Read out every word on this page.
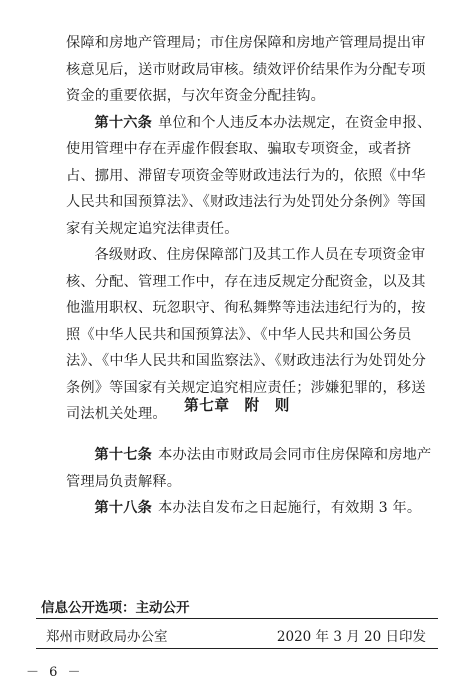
保障和房地产管理局；市住房保障和房地产管理局提出审核意见后，送市财政局审核。绩效评价结果作为分配专项资金的重要依据，与次年资金分配挂钩。

第十六条 单位和个人违反本办法规定，在资金申报、使用管理中存在弄虚作假套取、骗取专项资金，或者挤占、挪用、滞留专项资金等财政违法行为的，依照《中华人民共和国预算法》、《财政违法行为处罚处分条例》等国家有关规定追究法律责任。

各级财政、住房保障部门及其工作人员在专项资金审核、分配、管理工作中，存在违反规定分配资金，以及其他滥用职权、玩忽职守、徇私舞弊等违法违纪行为的，按照《中华人民共和国预算法》、《中华人民共和国公务员法》、《中华人民共和国监察法》、《财政违法行为处罚处分条例》等国家有关规定追究相应责任；涉嫌犯罪的，移送司法机关处理。	第七章　附　则

第十七条 本办法由市财政局会同市住房保障和房地产管理局负责解释。

第十八条 本办法自发布之日起施行，有效期 3 年。

信息公开选项：主动公开
郑州市财政局办公室	2020 年 3 月 20 日印发
－ 6 －
